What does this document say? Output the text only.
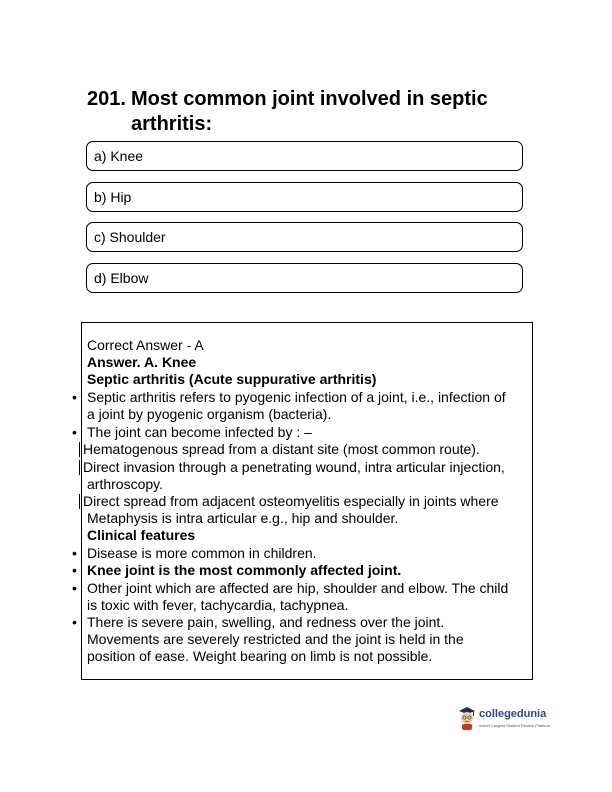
201. Most common joint involved in septic
arthritis:
a) Knee
b) Hip
c) Shoulder
d) Elbow
Correct Answer - A
Answer. A. Knee
Septic arthritis (Acute suppurative arthritis)
• Septic arthritis refers to pyogenic infection of a joint, i.e., infection of
a joint by pyogenic organism (bacteria).
• The joint can become infected by : –
Hematogenous spread from a distant site (most common route).
Direct invasion through a penetrating wound, intra articular injection,
arthroscopy.
Direct spread from adjacent osteomyelitis especially in joints where
Metaphysis is intra articular e.g., hip and shoulder.
Clinical features
• Disease is more common in children.
• Knee joint is the most commonly affected joint.
• Other joint which are affected are hip, shoulder and elbow. The child
is toxic with fever, tachycardia, tachypnea.
• There is severe pain, swelling, and redness over the joint.
Movements are severely restricted and the joint is held in the
position of ease. Weight bearing on limb is not possible.
collegedunia
India's Largest Student Review Platform
